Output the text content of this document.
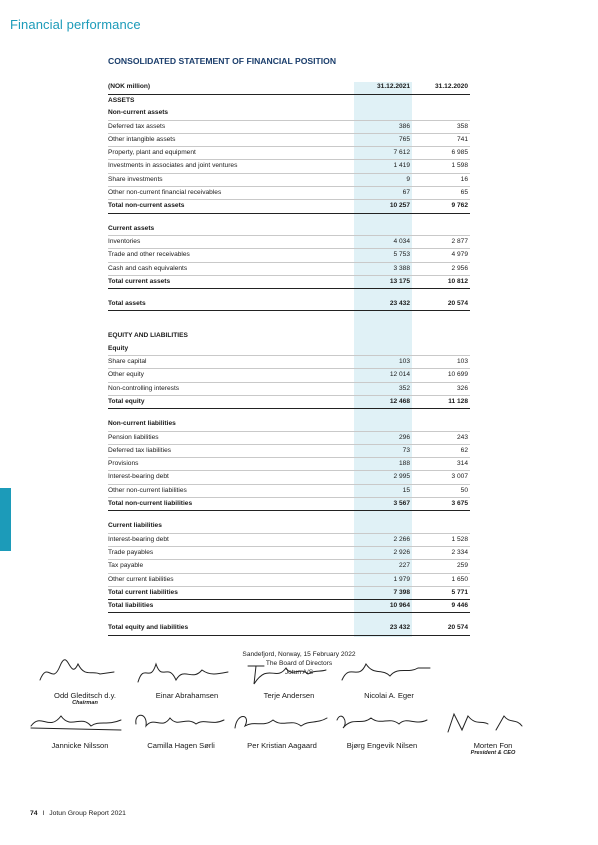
Financial performance
CONSOLIDATED STATEMENT OF FINANCIAL POSITION
(NOK million)	31.12.2021	31.12.2020
ASSETS
Non-current assets
Deferred tax assets	386	358
Other intangible assets	765	741
Property, plant and equipment	7 612	6 985
Investments in associates and joint ventures	1 419	1 598
Share investments	9	16
Other non-current financial receivables	67	65
Total non-current assets	10 257	9 762
Current assets
Inventories	4 034	2 877
Trade and other receivables	5 753	4 979
Cash and cash equivalents	3 388	2 956
Total current assets	13 175	10 812
Total assets	23 432	20 574
EQUITY AND LIABILITIES
Equity
Share capital	103	103
Other equity	12 014	10 699
Non-controlling interests	352	326
Total equity	12 468	11 128
Non-current liabilities
Pension liabilities	296	243
Deferred tax liabilities	73	62
Provisions	188	314
Interest-bearing debt	2 995	3 007
Other non-current liabilities	15	50
Total non-current liabilities	3 567	3 675
Current liabilities
Interest-bearing debt	2 266	1 528
Trade payables	2 926	2 334
Tax payable	227	259
Other current liabilities	1 979	1 650
Total current liabilities	7 398	5 771
Total liabilities	10 964	9 446
Total equity and liabilities	23 432	20 574
Sandefjord, Norway, 15 February 2022
The Board of Directors
Jotun A/S
Odd Gleditsch d.y.
Chairman
Einar Abrahamsen	Terje Andersen	Nicolai A. Eger
Jannicke Nilsson	Camilla Hagen Sørli	Per Kristian Aagaard	Bjørg Engevik Nilsen	Morten Fon
President & CEO
74 I Jotun Group Report 2021
